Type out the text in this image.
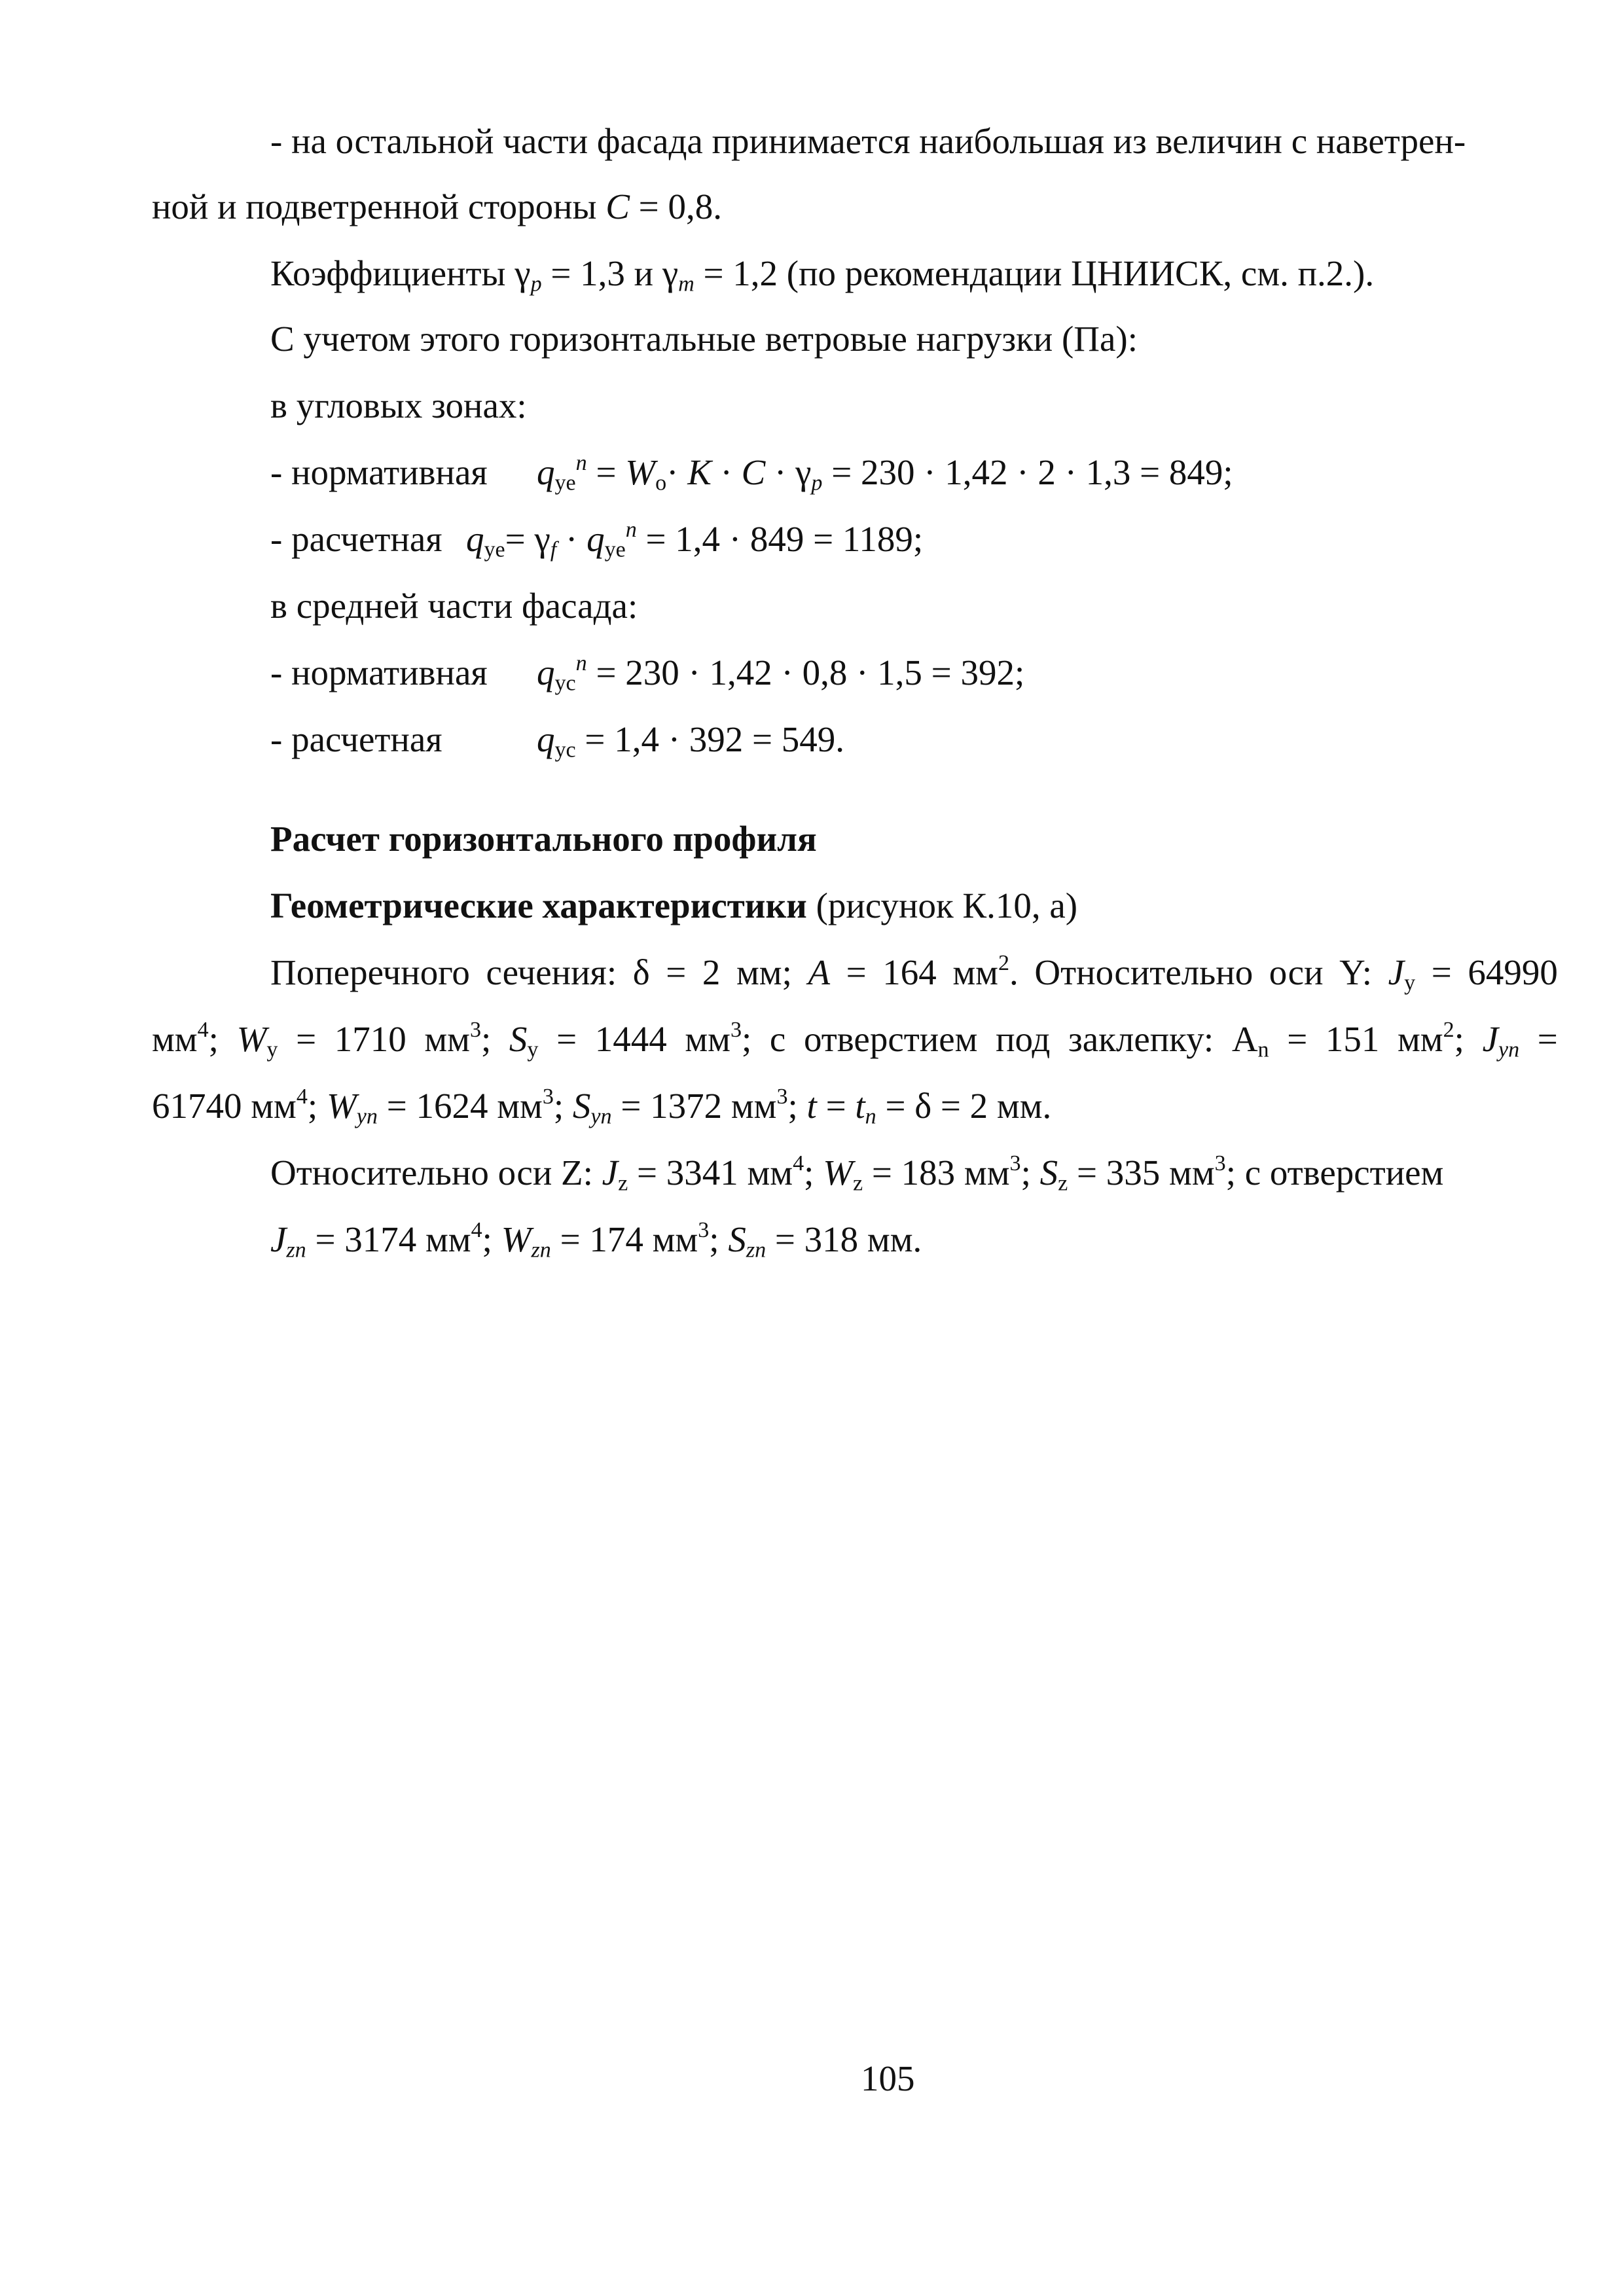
- на остальной части фасада принимается наибольшая из величин с наветрен-
ной и подветренной стороны С = 0,8.
Коэффициенты $\gamma_p = 1,3$ и $\gamma_m = 1,2$ (по рекомендации ЦНИИСК, см. п.2.).
С учетом этого горизонтальные ветровые нагрузки (Па):
в угловых зонах:
- нормативная $q_{ye}^n = W_o\cdot К \cdot С \cdot \gamma_p = 230 \cdot 1,42 \cdot 2 \cdot 1,3 = 849$;
- расчетная $q_{ye}= \gamma_f \cdot q_{ye}^n = 1,4 \cdot 849 = 1189$;
в средней части фасада:
- нормативная $q_{yc}^n = 230 \cdot 1,42 \cdot 0,8 \cdot 1,5 = 392$;
- расчетная	$q_{yc} = 1,4 \cdot 392 = 549$.
Расчет горизонтального профиля
Геометрические характеристики (рисунок К.10, а)
Поперечного сечения: δ = 2 мм; A = 164 $мм^2$. Относительно оси Y: $J_y = 64990$
$мм^4$; $W_y = 1710$ $мм^3$; $S_y = 1444$ $мм^3$; с отверстием под заклепку: $A_n = 151$ $мм^2$; $J_{yn}$ =
61740 $мм^4$; $W_{yn} = 1624$ $мм^3$; $S_{yn} = 1372$ $мм^3$; $t = t_n = \delta = 2$ мм.
Относительно оси Z: $J_z = 3341$ $мм^4$; $W_z = 183$ $мм^3$; $S_z = 335$ $мм^3$; с отверстием
$J_{zn} = 3174$ $мм^4$; $W_{zn} = 174$ $мм^3$; $S_{zn} = 318$ мм.
105
